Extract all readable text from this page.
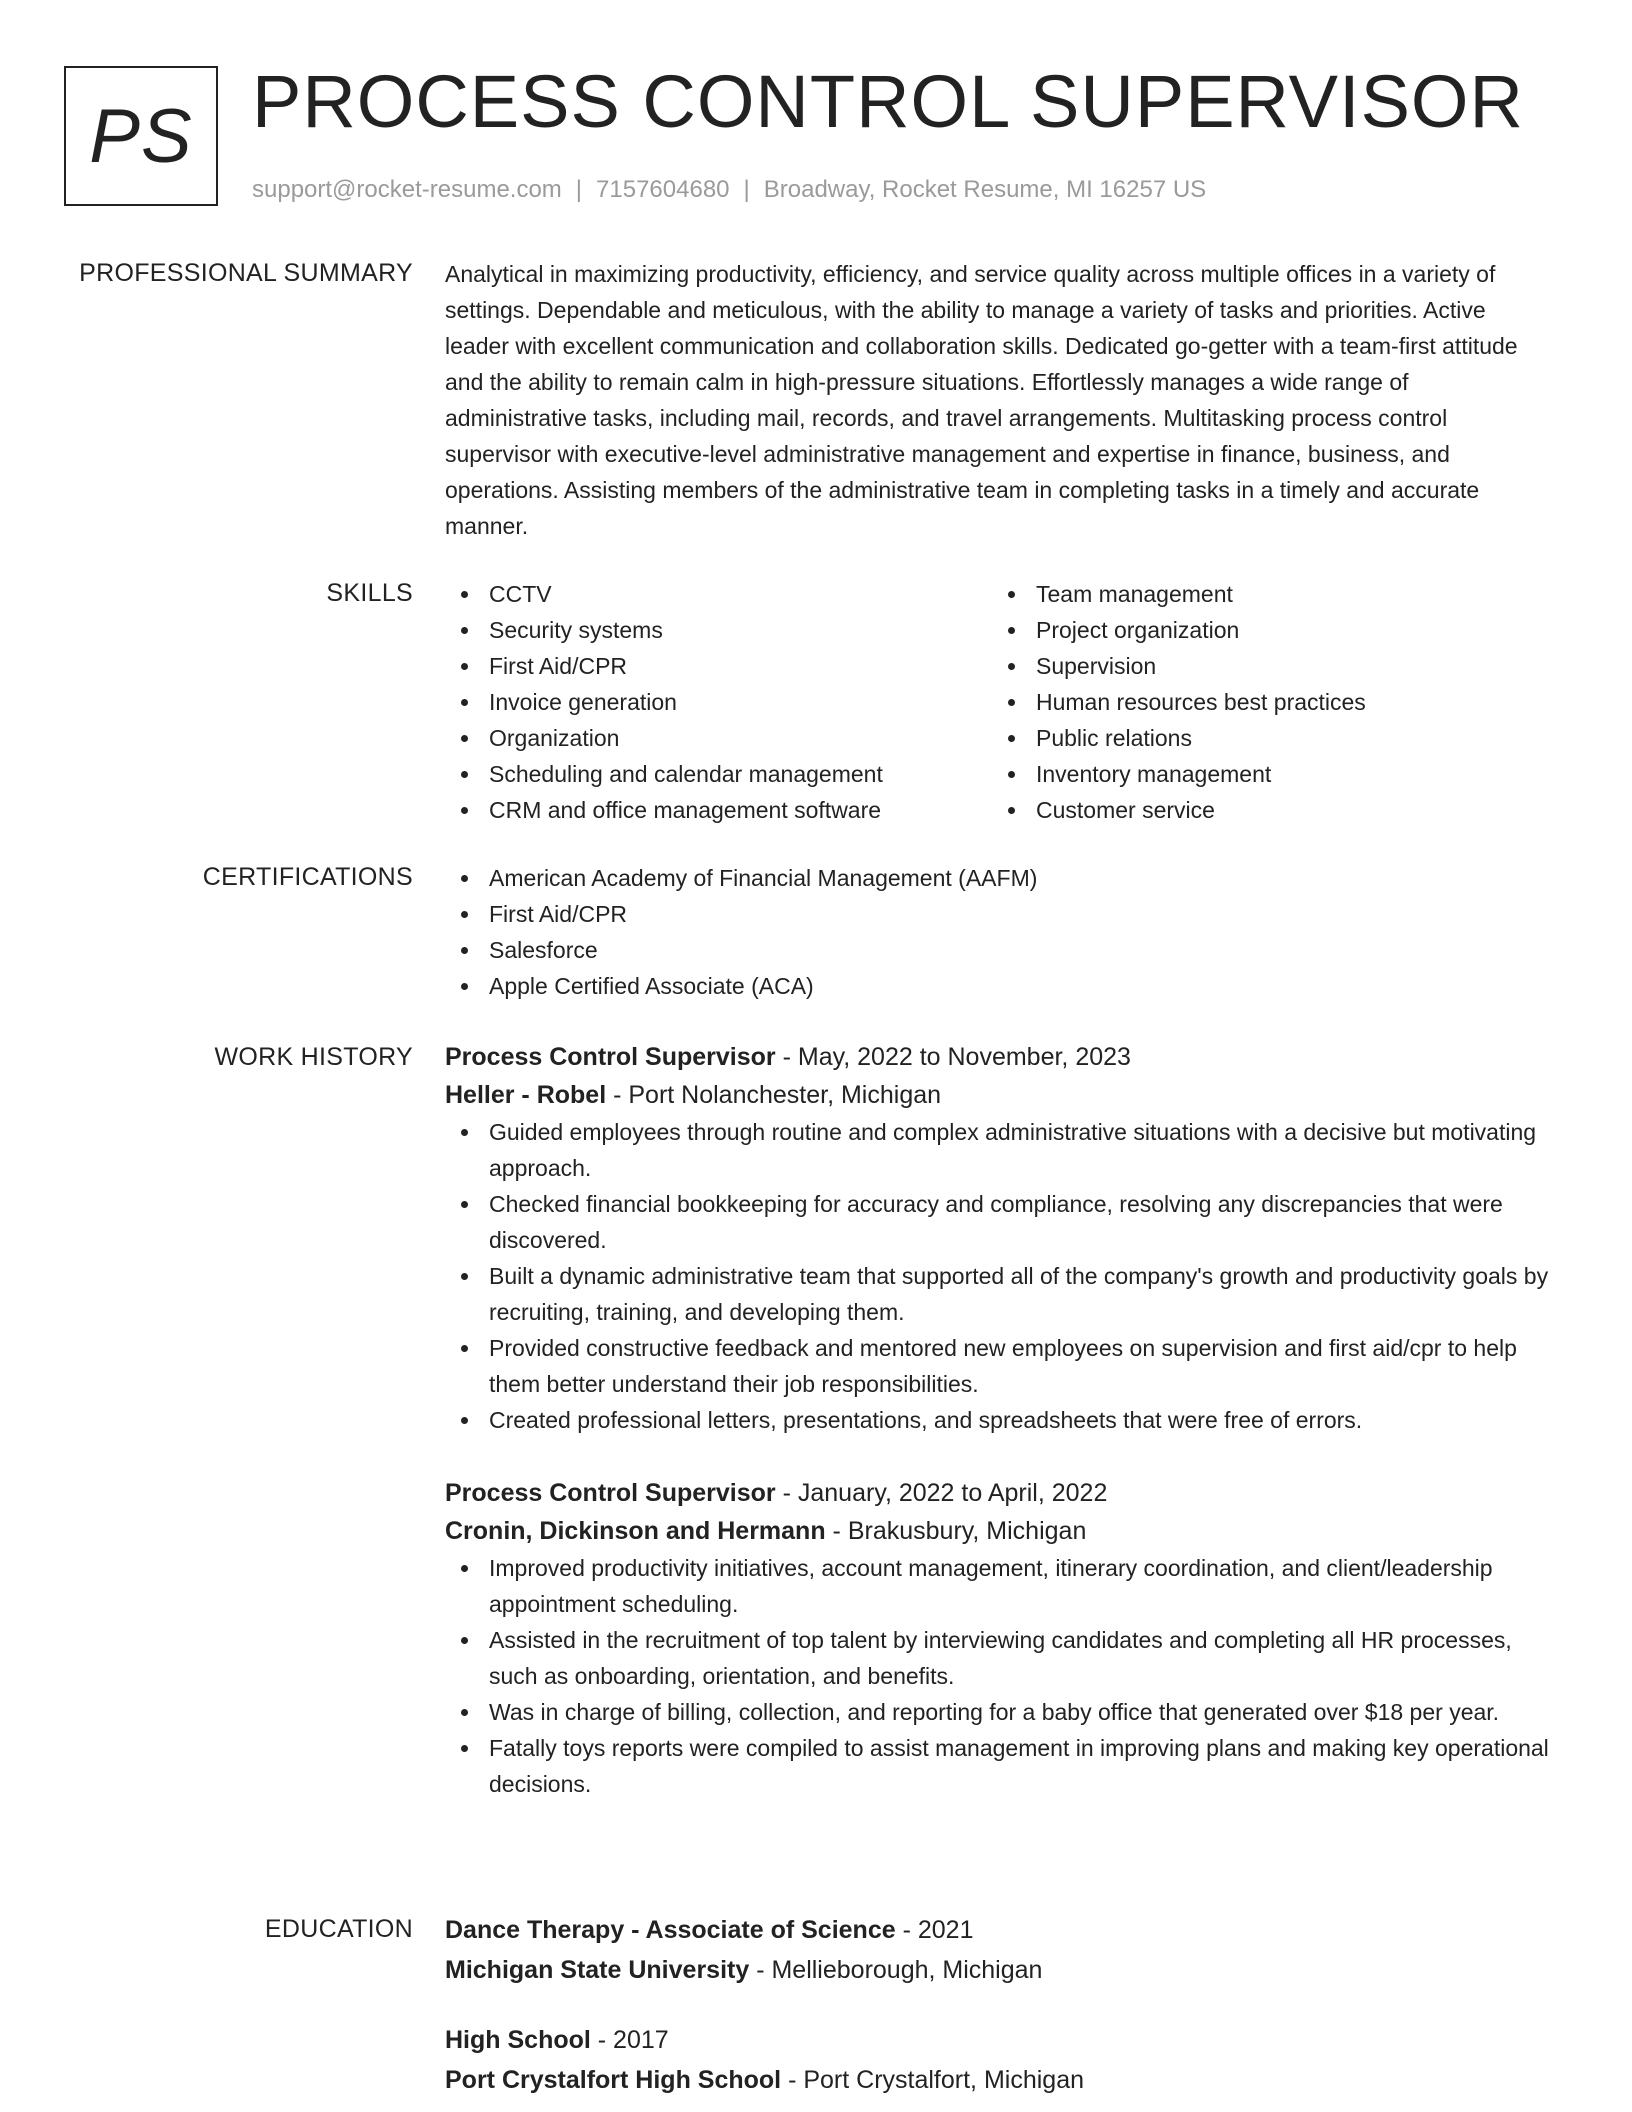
PS PROCESS CONTROL SUPERVISOR
support@rocket-resume.com | 7157604680 | Broadway, Rocket Resume, MI 16257 US
PROFESSIONAL SUMMARY Analytical in maximizing productivity, efficiency, and service quality across multiple offices in a variety of settings. Dependable and meticulous, with the ability to manage a variety of tasks and priorities. Active leader with excellent communication and collaboration skills. Dedicated go-getter with a team-first attitude and the ability to remain calm in high-pressure situations. Effortlessly manages a wide range of administrative tasks, including mail, records, and travel arrangements. Multitasking process control supervisor with executive-level administrative management and expertise in finance, business, and operations. Assisting members of the administrative team in completing tasks in a timely and accurate manner.

SKILLS	CCTV
Security systems
First Aid/CPR
Invoice generation
Organization
Scheduling and calendar management
CRM and office management software
Team management
Project organization
Supervision
Human resources best practices
Public relations
Inventory management
Customer service
CERTIFICATIONS	American Academy of Financial Management (AAFM)
First Aid/CPR
Salesforce
Apple Certified Associate (ACA)
WORK HISTORY Process Control Supervisor - May, 2022 to November, 2023
Heller - Robel - Port Nolanchester, Michigan
Guided employees through routine and complex administrative situations with a decisive but motivating approach.
Checked financial bookkeeping for accuracy and compliance, resolving any discrepancies that were discovered.
Built a dynamic administrative team that supported all of the company's growth and productivity goals by recruiting, training, and developing them.
Provided constructive feedback and mentored new employees on supervision and first aid/cpr to help them better understand their job responsibilities.
Created professional letters, presentations, and spreadsheets that were free of errors.
Process Control Supervisor - January, 2022 to April, 2022
Cronin, Dickinson and Hermann - Brakusbury, Michigan
Improved productivity initiatives, account management, itinerary coordination, and client/leadership appointment scheduling.
Assisted in the recruitment of top talent by interviewing candidates and completing all HR processes, such as onboarding, orientation, and benefits.
Was in charge of billing, collection, and reporting for a baby office that generated over $18 per year.
Fatally toys reports were compiled to assist management in improving plans and making key operational decisions.
EDUCATION Dance Therapy - Associate of Science - 2021
Michigan State University - Mellieborough, Michigan
High School - 2017
Port Crystalfort High School - Port Crystalfort, Michigan
